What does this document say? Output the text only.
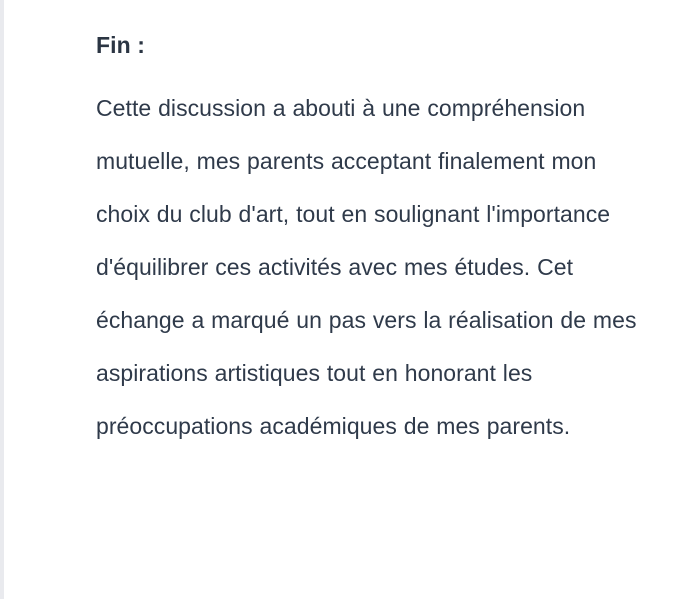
Fin :

Cette discussion a abouti à une compréhension mutuelle, mes parents acceptant finalement mon choix du club d'art, tout en soulignant l'importance d'équilibrer ces activités avec mes études. Cet échange a marqué un pas vers la réalisation de mes aspirations artistiques tout en honorant les préoccupations académiques de mes parents.
